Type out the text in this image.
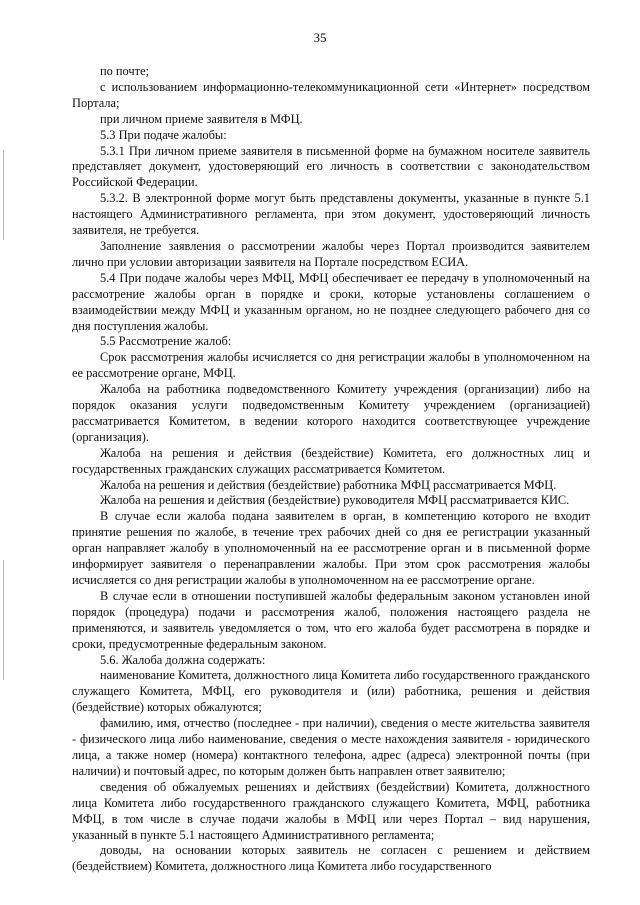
35

по почте;

с использованием информационно-телекоммуникационной сети «Интернет» посредством Портала;

при личном приеме заявителя в МФЦ.

5.3 При подаче жалобы:

5.3.1 При личном приеме заявителя в письменной форме на бумажном носителе заявитель представляет документ, удостоверяющий его личность в соответствии с законодательством Российской Федерации.

5.3.2. В электронной форме могут быть представлены документы, указанные в пункте 5.1 настоящего Административного регламента, при этом документ, удостоверяющий личность заявителя, не требуется.

Заполнение заявления о рассмотрении жалобы через Портал производится заявителем лично при условии авторизации заявителя на Портале посредством ЕСИА.

5.4 При подаче жалобы через МФЦ, МФЦ обеспечивает ее передачу в уполномоченный на рассмотрение жалобы орган в порядке и сроки, которые установлены соглашением о взаимодействии между МФЦ и указанным органом, но не позднее следующего рабочего дня со дня поступления жалобы.

5.5 Рассмотрение жалоб:

Срок рассмотрения жалобы исчисляется со дня регистрации жалобы в уполномоченном на ее рассмотрение органе, МФЦ.

Жалоба на работника подведомственного Комитету учреждения (организации) либо на порядок оказания услуги подведомственным Комитету учреждением (организацией) рассматривается Комитетом, в ведении которого находится соответствующее учреждение (организация).

Жалоба на решения и действия (бездействие) Комитета, его должностных лиц и государственных гражданских служащих рассматривается Комитетом.

Жалоба на решения и действия (бездействие) работника МФЦ рассматривается МФЦ.

Жалоба на решения и действия (бездействие) руководителя МФЦ рассматривается КИС.

В случае если жалоба подана заявителем в орган, в компетенцию которого не входит принятие решения по жалобе, в течение трех рабочих дней со дня ее регистрации указанный орган направляет жалобу в уполномоченный на ее рассмотрение орган и в письменной форме информирует заявителя о перенаправлении жалобы. При этом срок рассмотрения жалобы исчисляется со дня регистрации жалобы в уполномоченном на ее рассмотрение органе.

В случае если в отношении поступившей жалобы федеральным законом установлен иной порядок (процедура) подачи и рассмотрения жалоб, положения настоящего раздела не применяются, и заявитель уведомляется о том, что его жалоба будет рассмотрена в порядке и сроки, предусмотренные федеральным законом.

5.6. Жалоба должна содержать:

наименование Комитета, должностного лица Комитета либо государственного гражданского служащего Комитета, МФЦ, его руководителя и (или) работника, решения и действия (бездействие) которых обжалуются;

фамилию, имя, отчество (последнее - при наличии), сведения о месте жительства заявителя - физического лица либо наименование, сведения о месте нахождения заявителя - юридического лица, а также номер (номера) контактного телефона, адрес (адреса) электронной почты (при наличии) и почтовый адрес, по которым должен быть направлен ответ заявителю;

сведения об обжалуемых решениях и действиях (бездействии) Комитета, должностного лица Комитета либо государственного гражданского служащего Комитета, МФЦ, работника МФЦ, в том числе в случае подачи жалобы в МФЦ или через Портал – вид нарушения, указанный в пункте 5.1 настоящего Административного регламента;

доводы, на основании которых заявитель не согласен с решением и действием (бездействием) Комитета, должностного лица Комитета либо государственного
